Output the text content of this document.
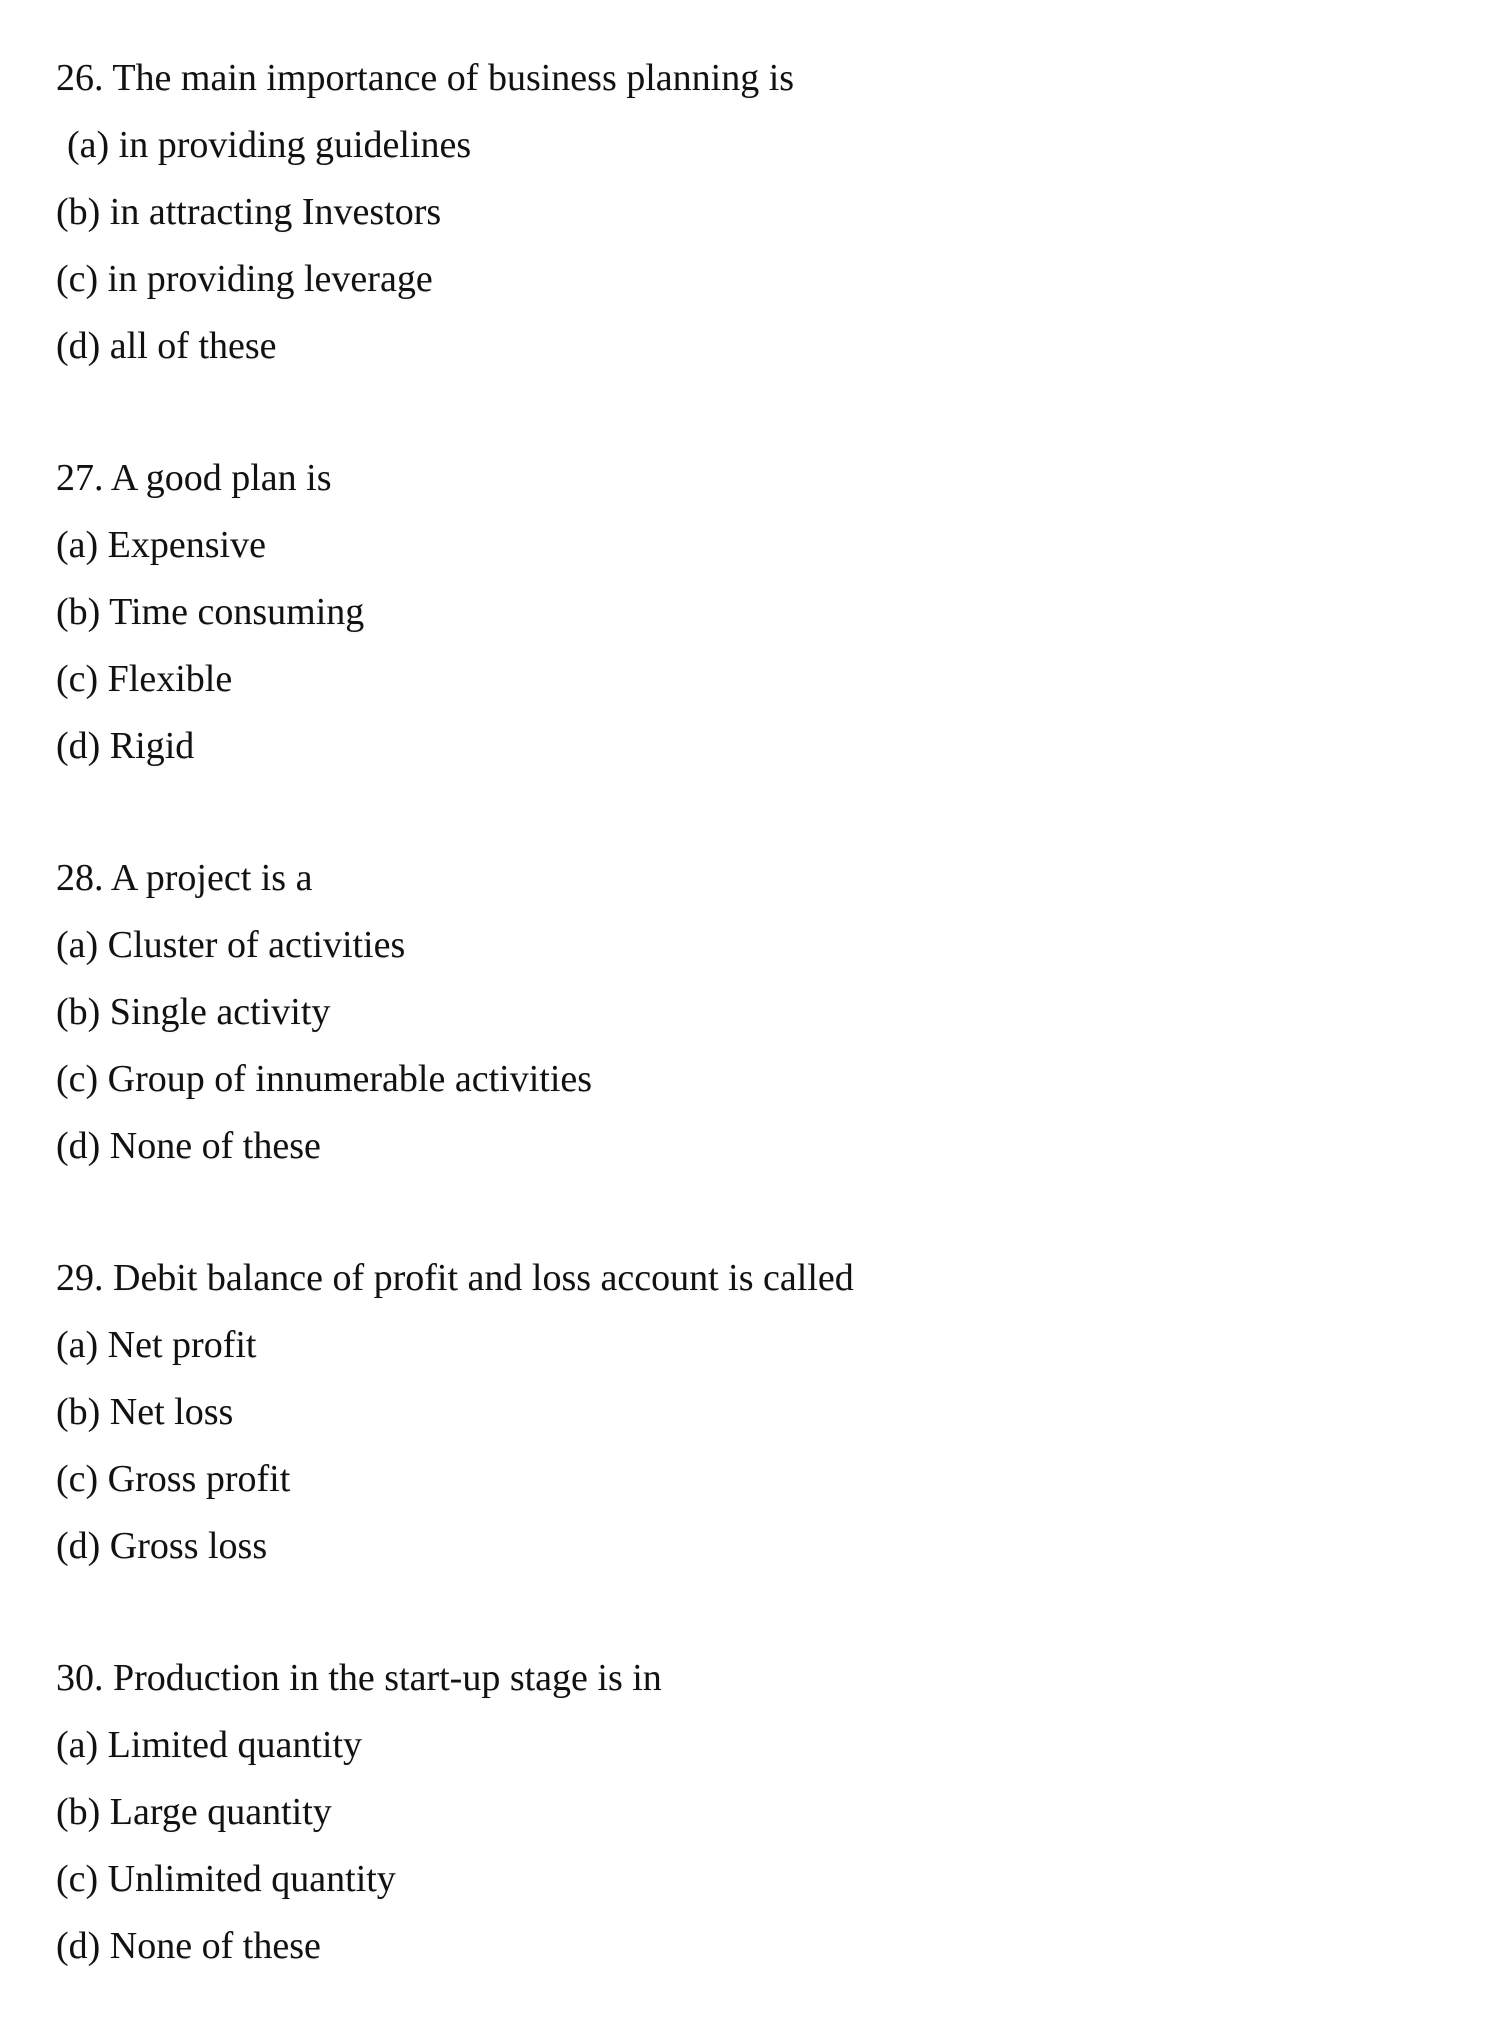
26. The main importance of business planning is
(a) in providing guidelines
(b) in attracting Investors
(c) in providing leverage
(d) all of these
27. A good plan is
(a) Expensive
(b) Time consuming
(c) Flexible
(d) Rigid
28. A project is a
(a) Cluster of activities
(b) Single activity
(c) Group of innumerable activities
(d) None of these
29. Debit balance of profit and loss account is called
(a) Net profit
(b) Net loss
(c) Gross profit
(d) Gross loss
30. Production in the start-up stage is in
(a) Limited quantity
(b) Large quantity
(c) Unlimited quantity
(d) None of these
